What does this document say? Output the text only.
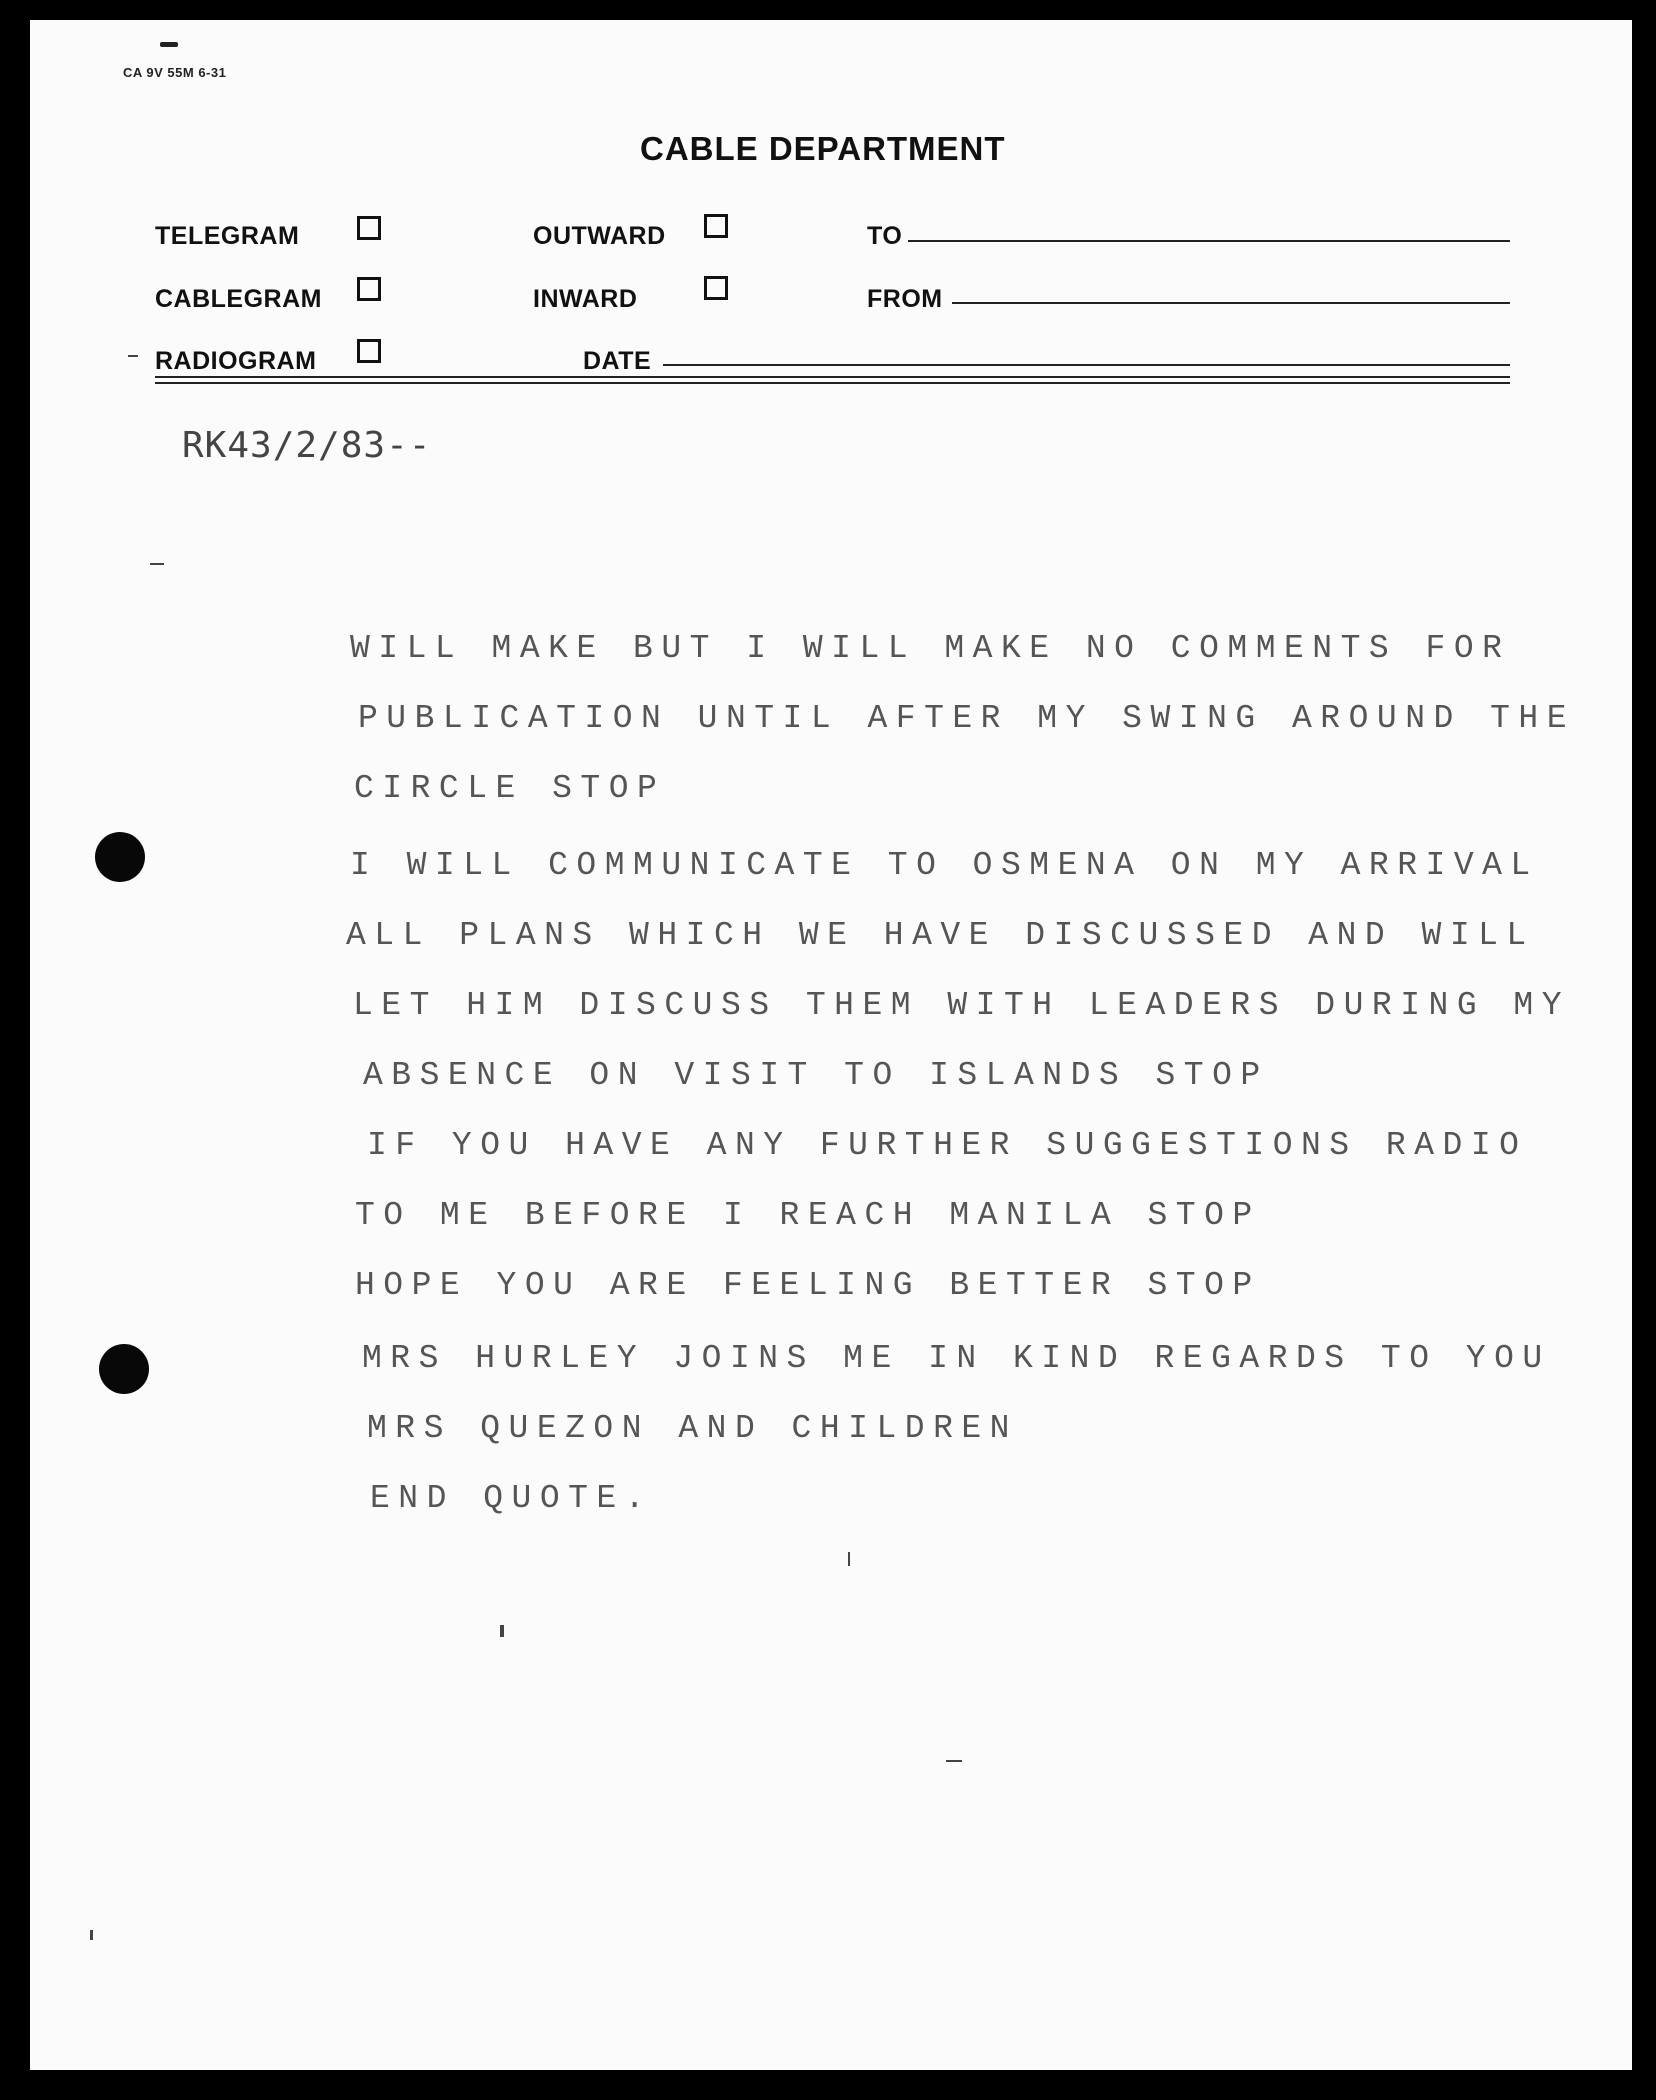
CA 9V 55M 6-31
CABLE DEPARTMENT
TELEGRAM
CABLEGRAM
RADIOGRAM
OUTWARD
INWARD
DATE
TO
FROM
RK43/2/83--
WILL MAKE BUT I WILL MAKE NO COMMENTS FOR
PUBLICATION UNTIL AFTER MY SWING AROUND THE
CIRCLE STOP
I WILL COMMUNICATE TO OSMENA ON MY ARRIVAL
ALL PLANS WHICH WE HAVE DISCUSSED AND WILL
LET HIM DISCUSS THEM WITH LEADERS DURING MY
ABSENCE ON VISIT TO ISLANDS STOP
IF YOU HAVE ANY FURTHER SUGGESTIONS RADIO
TO ME BEFORE I REACH MANILA STOP
HOPE YOU ARE FEELING BETTER STOP
MRS HURLEY JOINS ME IN KIND REGARDS TO YOU
MRS QUEZON AND CHILDREN
END QUOTE.
